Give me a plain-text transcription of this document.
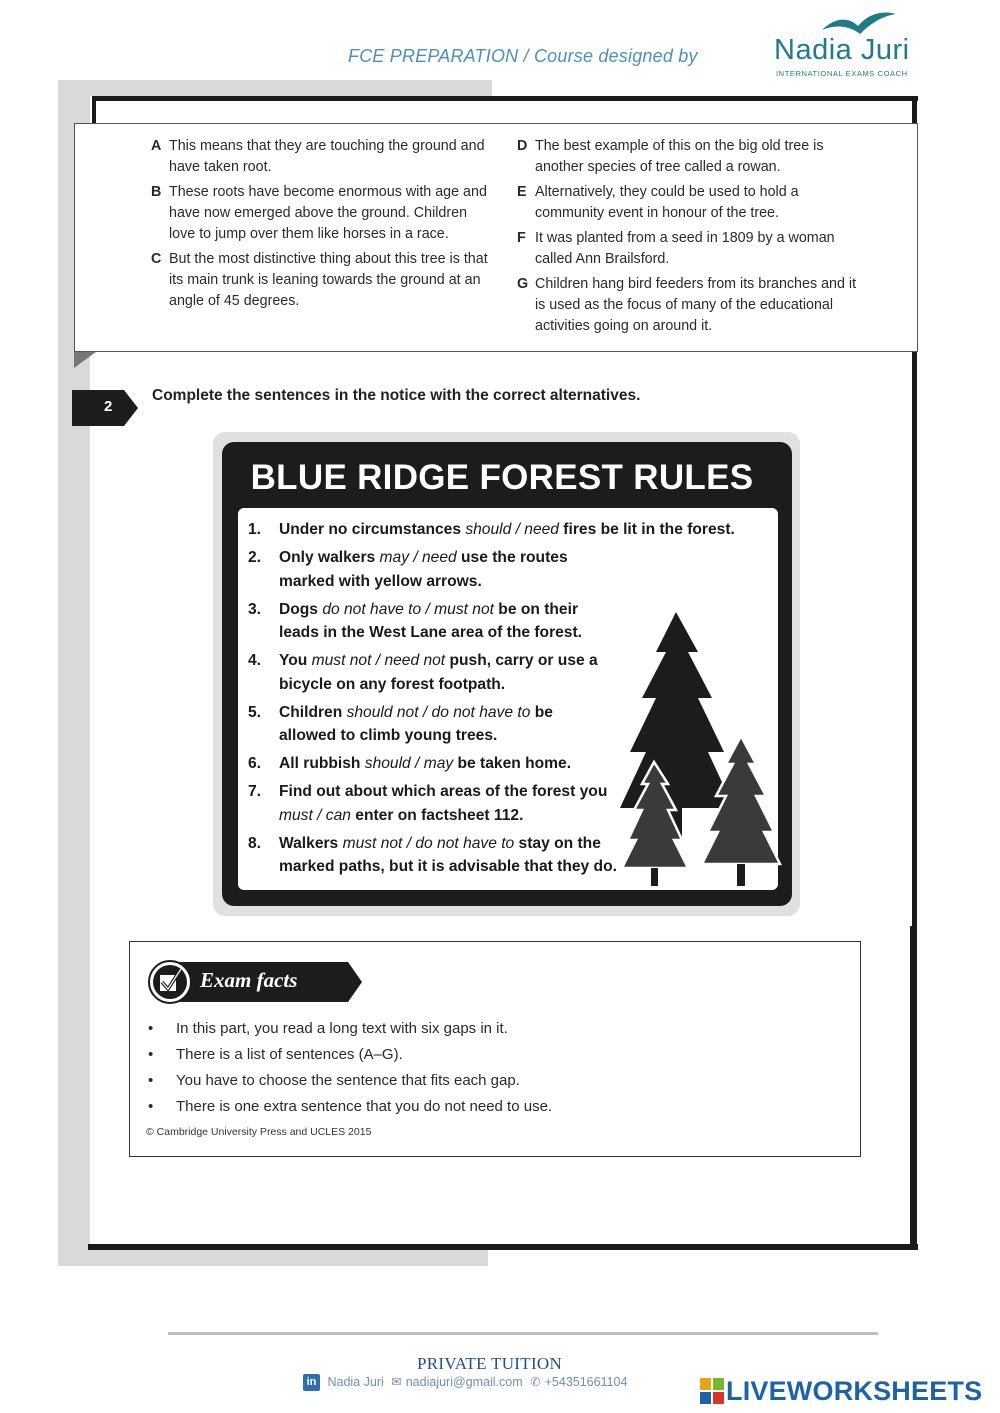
FCE PREPARATION / Course designed by	Nadia Juri
INTERNATIONAL EXAMS COACH
A This means that they are touching the ground and have taken root.
B These roots have become enormous with age and have now emerged above the ground. Children love to jump over them like horses in a race.
C But the most distinctive thing about this tree is that its main trunk is leaning towards the ground at an angle of 45 degrees.
D The best example of this on the big old tree is another species of tree called a rowan.
E Alternatively, they could be used to hold a community event in honour of the tree.
F It was planted from a seed in 1809 by a woman called Ann Brailsford.
G Children hang bird feeders from its branches and it is used as the focus of many of the educational activities going on around it.
2
Complete the sentences in the notice with the correct alternatives.
BLUE RIDGE FOREST RULES
1. Under no circumstances should / need fires be lit in the forest.
2. Only walkers may / need use the routes
marked with yellow arrows.
3. Dogs do not have to / must not be on their
leads in the West Lane area of the forest.
4. You must not / need not push, carry or use a
bicycle on any forest footpath.
5. Children should not / do not have to be
allowed to climb young trees.
6. All rubbish should / may be taken home.
7. Find out about which areas of the forest you
must / can enter on factsheet 112.
8. Walkers must not / do not have to stay on the
marked paths, but it is advisable that they do.
Exam facts
• In this part, you read a long text with six gaps in it.
• There is a list of sentences (A–G).
• You have to choose the sentence that fits each gap.
• There is one extra sentence that you do not need to use.
© Cambridge University Press and UCLES 2015
PRIVATE TUITION
in Nadia Juri ✉ nadiajuri@gmail.com ✆ +54351661104	LIVEWORKSHEETS
